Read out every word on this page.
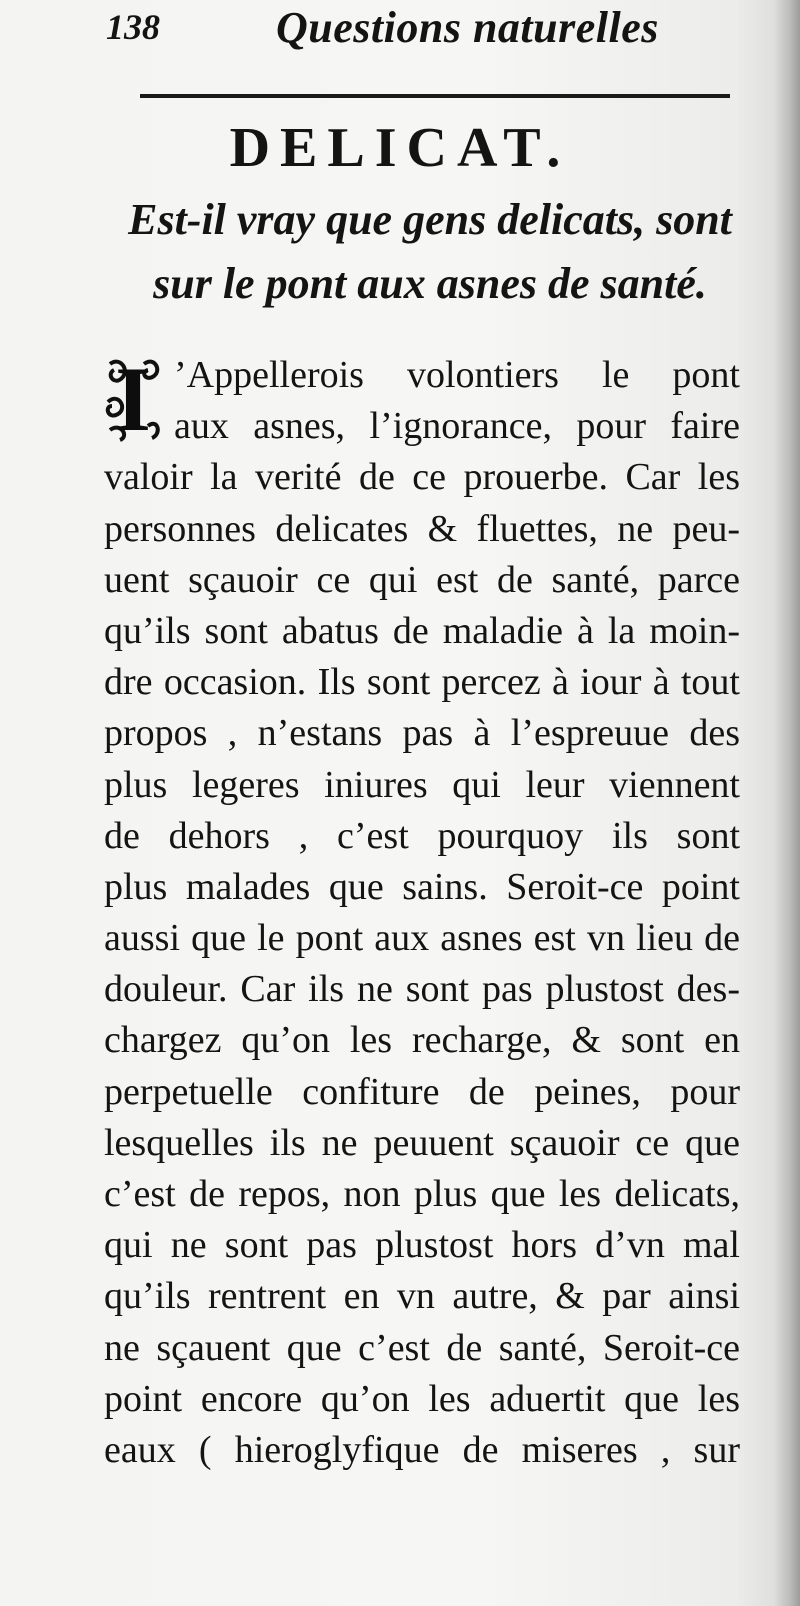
138	Questions naturelles
DELICAT.
Est-il vray que gens delicats, sont
sur le pont aux asnes de santé.
I ’Appellerois volontiers le pont
aux asnes, l’ignorance, pour faire
valoir la verité de ce prouerbe. Car les
personnes delicates & fluettes, ne peu-
uent sçauoir ce qui est de santé, parce
qu’ils sont abatus de maladie à la moin-
dre occasion. Ils sont percez à iour à tout
propos , n’estans pas à l’espreuue des
plus legeres iniures qui leur viennent
de dehors , c’est pourquoy ils sont
plus malades que sains. Seroit-ce point
aussi que le pont aux asnes est vn lieu de
douleur. Car ils ne sont pas plustost des-
chargez qu’on les recharge, & sont en
perpetuelle confiture de peines, pour
lesquelles ils ne peuuent sçauoir ce que
c’est de repos, non plus que les delicats,
qui ne sont pas plustost hors d’vn mal
qu’ils rentrent en vn autre, & par ainsi
ne sçauent que c’est de santé, Seroit-ce
point encore qu’on les aduertit que les
eaux ( hieroglyfique de miseres , sur
